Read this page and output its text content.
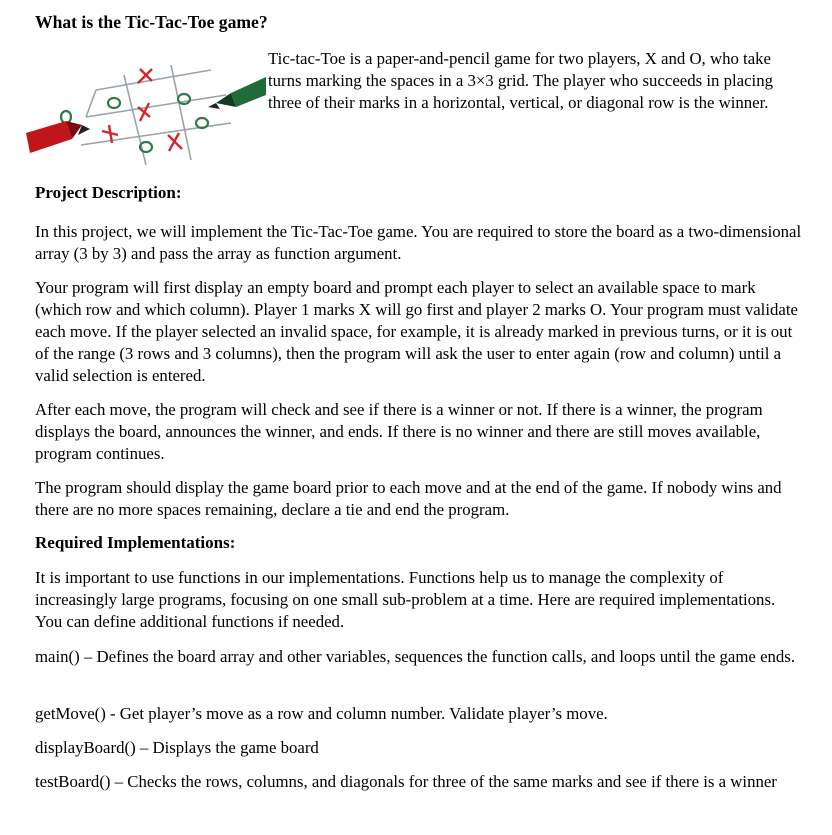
What is the Tic-Tac-Toe game?

Tic-tac-Toe is a paper-and-pencil game for two players, X and O, who take turns marking the spaces in a 3×3 grid. The player who succeeds in placing three of their marks in a horizontal, vertical, or diagonal row is the winner.

Project Description:

In this project, we will implement the Tic-Tac-Toe game. You are required to store the board as a two-dimensional array (3 by 3) and pass the array as function argument.

Your program will first display an empty board and prompt each player to select an available space to mark (which row and which column). Player 1 marks X will go first and player 2 marks O. Your program must validate each move. If the player selected an invalid space, for example, it is already marked in previous turns, or it is out of the range (3 rows and 3 columns), then the program will ask the user to enter again (row and column) until a valid selection is entered.

After each move, the program will check and see if there is a winner or not. If there is a winner, the program displays the board, announces the winner, and ends. If there is no winner and there are still moves available, program continues.

The program should display the game board prior to each move and at the end of the game. If nobody wins and there are no more spaces remaining, declare a tie and end the program.

Required Implementations:

It is important to use functions in our implementations. Functions help us to manage the complexity of increasingly large programs, focusing on one small sub-problem at a time. Here are required implementations. You can define additional functions if needed.

main() – Defines the board array and other variables, sequences the function calls, and loops until the game ends.

getMove() - Get player’s move as a row and column number. Validate player’s move.

displayBoard() – Displays the game board

testBoard() – Checks the rows, columns, and diagonals for three of the same marks and see if there is a winner
